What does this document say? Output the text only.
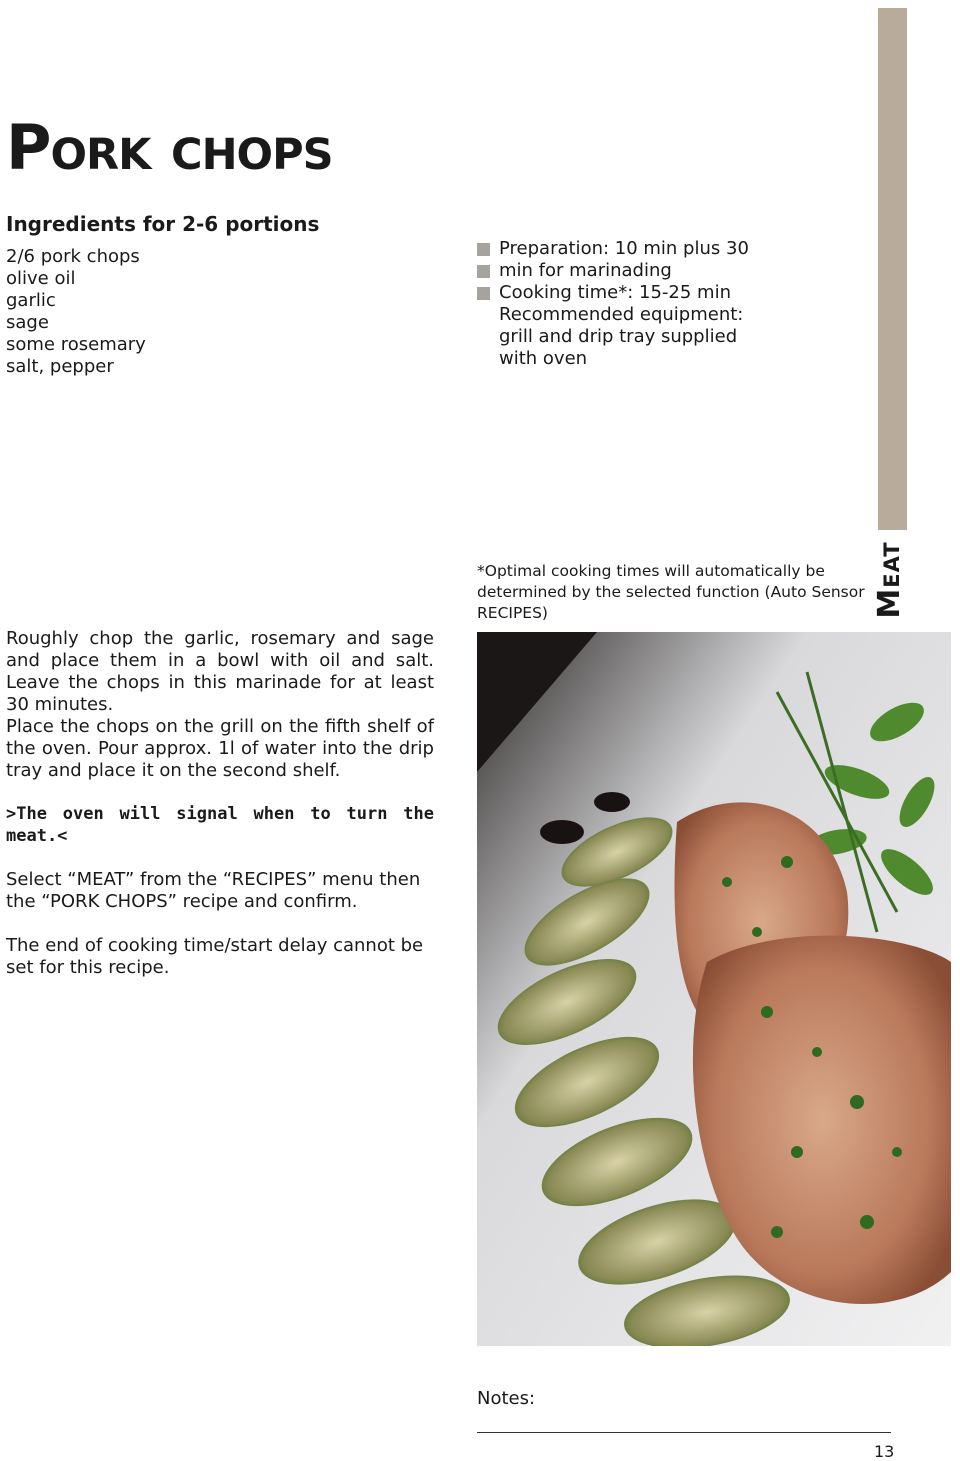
Meat
Pork chops
Ingredients for 2-6 portions
2/6 pork chops
olive oil
garlic
sage
some rosemary
salt, pepper
Preparation: 10 min plus 30 min for marinading
Cooking time*: 15-25 min
Recommended equipment: grill and drip tray supplied with oven
*Optimal cooking times will automatically be determined by the selected function (Auto Sensor RECIPES)

Roughly chop the garlic, rosemary and sage and place them in a bowl with oil and salt. Leave the chops in this marinade for at least 30 minutes.

Place the chops on the grill on the fifth shelf of the oven. Pour approx. 1l of water into the drip tray and place it on the second shelf.

>The oven will signal when to turn the meat.<

Select “MEAT” from the “RECIPES” menu then the “PORK CHOPS” recipe and confirm.

The end of cooking time/start delay cannot be set for this recipe.

Notes:

13
